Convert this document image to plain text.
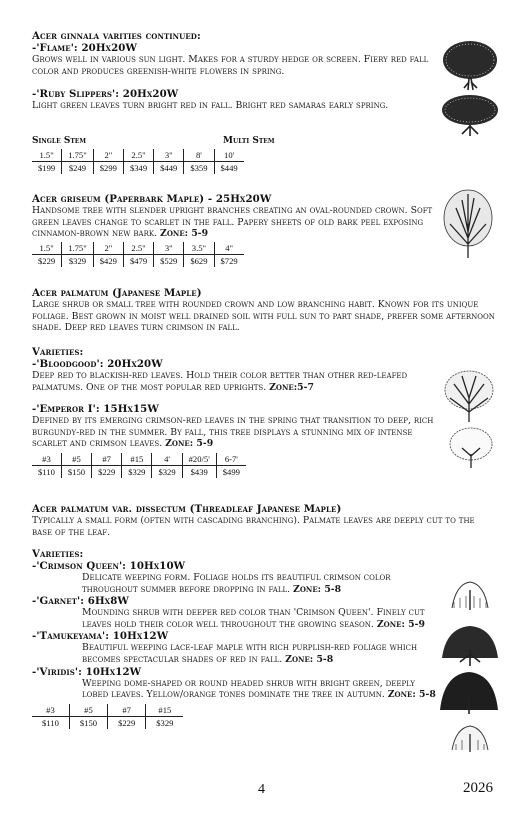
Acer ginnala varities continued:
-'Flame': 20Hx20W

Grows well in various sun light. Makes for a sturdy hedge or screen. Fiery red fall color and produces greenish-white flowers in spring.

-'Ruby Slippers': 20Hx20W

Light green leaves turn bright red in fall. Bright red samaras early spring.

Single Stem	Multi Stem
1.5"	1.75"	2"	2.5"	3"	8'	10'
$199	$249	$299	$349	$449	$359	$449
Acer griseum (Paperbark Maple) - 25Hx20W

Handsome tree with slender upright branches creating an oval-rounded crown. Soft green leaves change to scarlet in the fall. Papery sheets of old bark peel exposing cinnamon-brown new bark. Zone: 5-9

1.5"	1.75"	2"	2.5"	3"	3.5"	4"
$229	$329	$429	$479	$529	$629	$729
Acer palmatum (Japanese Maple)

Large shrub or small tree with rounded crown and low branching habit. Known for its unique foliage. Best grown in moist well drained soil with full sun to part shade, prefer some afternoon shade. Deep red leaves turn crimson in fall.

Varieties:
-'Bloodgood': 20Hx20W

Deep red to blackish-red leaves. Hold their color better than other red-leafed palmatums. One of the most popular red uprights. Zone:5-7

-'Emperor I': 15Hx15W

Defined by its emerging crimson-red leaves in the spring that transition to deep, rich burgundy-red in the summer. By fall, this tree displays a stunning mix of intense scarlet and crimson leaves. Zone: 5-9

#3	#5	#7	#15	4'	#20/5'	6-7'
$110	$150	$229	$329	$329	$439	$499
Acer palmatum var. dissectum (Threadleaf Japanese Maple)

Typically a small form (often with cascading branching). Palmate leaves are deeply cut to the base of the leaf.

Varieties:
-'Crimson Queen': 10Hx10W

Delicate weeping form. Foliage holds its beautiful crimson color throughout summer before dropping in fall. Zone: 5-8

-'Garnet': 6Hx8W

Mounding shrub with deeper red color than 'Crimson Queen'. Finely cut leaves hold their color well throughout the growing season. Zone: 5-9

-'Tamukeyama': 10Hx12W

Beautiful weeping lace-leaf maple with rich purplish-red foliage which becomes spectacular shades of red in fall. Zone: 5-8

-'Viridis': 10Hx12W

Weeping dome-shaped or round headed shrub with bright green, deeply lobed leaves. Yellow/orange tones dominate the tree in autumn. Zone: 5-8

#3	#5	#7	#15
$110	$150	$229	$329
4	2026
